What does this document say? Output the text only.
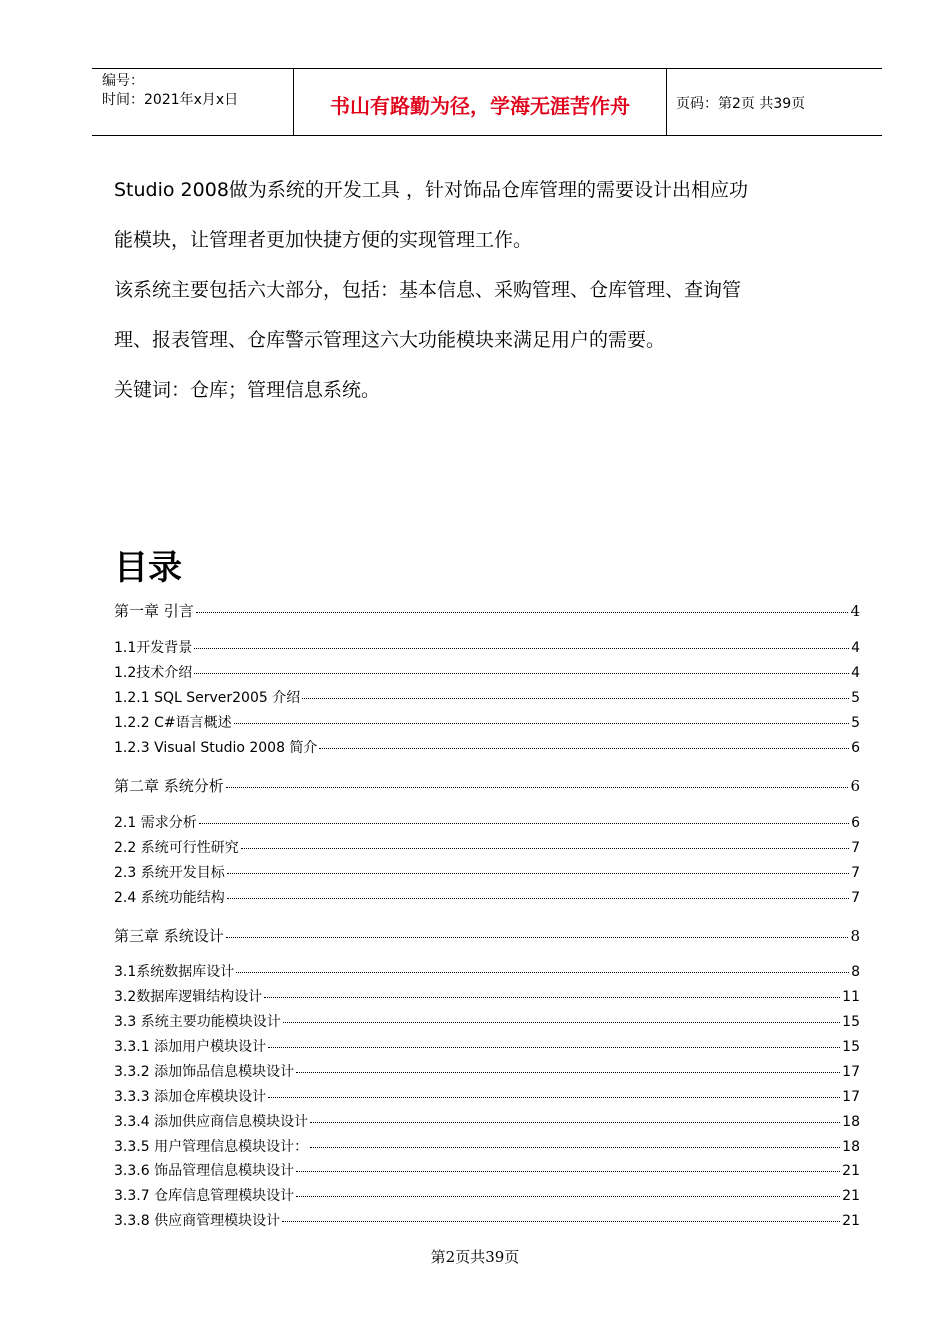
编号：
时间：2021年x月x日	书山有路勤为径，学海无涯苦作舟	页码：第2页 共39页
Studio 2008做为系统的开发工具 ，针对饰品仓库管理的需要设计出相应功
能模块，让管理者更加快捷方便的实现管理工作。
该系统主要包括六大部分，包括：基本信息、采购管理、仓库管理、查询管
理、报表管理、仓库警示管理这六大功能模块来满足用户的需要。
关键词：仓库；管理信息系统。
目录
第一章 引言	4
1.1开发背景	4
1.2技术介绍	4
1.2.1 SQL Server2005 介绍	5
1.2.2 C#语言概述	5
1.2.3 Visual Studio 2008 简介	6
第二章 系统分析	6
2.1 需求分析	6
2.2 系统可行性研究	7
2.3 系统开发目标	7
2.4 系统功能结构	7
第三章 系统设计	8
3.1系统数据库设计	8
3.2数据库逻辑结构设计	11
3.3 系统主要功能模块设计	15
3.3.1 添加用户模块设计	15
3.3.2 添加饰品信息模块设计	17
3.3.3 添加仓库模块设计	17
3.3.4 添加供应商信息模块设计	18
3.3.5 用户管理信息模块设计：	18
3.3.6 饰品管理信息模块设计	21
3.3.7 仓库信息管理模块设计	21
3.3.8 供应商管理模块设计	21
第2页共39页
